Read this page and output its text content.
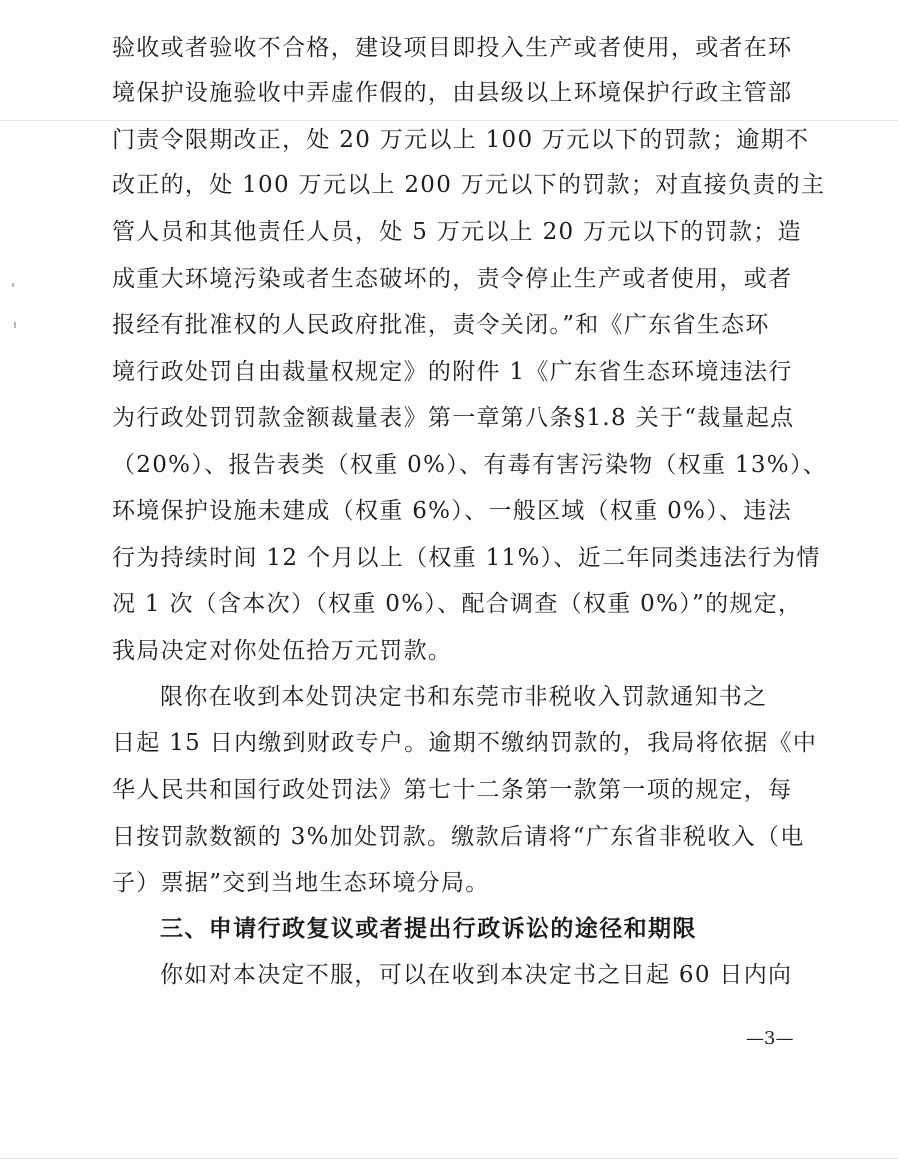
验收或者验收不合格，建设项目即投入生产或者使用，或者在环
境保护设施验收中弄虚作假的，由县级以上环境保护行政主管部
门责令限期改正，处 20 万元以上 100 万元以下的罚款；逾期不
改正的，处 100 万元以上 200 万元以下的罚款；对直接负责的主
管人员和其他责任人员，处 5 万元以上 20 万元以下的罚款；造
成重大环境污染或者生态破坏的，责令停止生产或者使用，或者
报经有批准权的人民政府批准，责令关闭。”和《广东省生态环
境行政处罚自由裁量权规定》的附件 1《广东省生态环境违法行
为行政处罚罚款金额裁量表》第一章第八条§1.8 关于“裁量起点
（20%）、报告表类（权重 0%）、有毒有害污染物（权重 13%）、
环境保护设施未建成（权重 6%）、一般区域（权重 0%）、违法
行为持续时间 12 个月以上（权重 11%）、近二年同类违法行为情
况 1 次（含本次）（权重 0%）、配合调查（权重 0%）”的规定，
我局决定对你处伍拾万元罚款。
限你在收到本处罚决定书和东莞市非税收入罚款通知书之
日起 15 日内缴到财政专户。逾期不缴纳罚款的，我局将依据《中
华人民共和国行政处罚法》第七十二条第一款第一项的规定，每
日按罚款数额的 3%加处罚款。缴款后请将“广东省非税收入（电
子）票据”交到当地生态环境分局。
三、申请行政复议或者提出行政诉讼的途径和期限
你如对本决定不服，可以在收到本决定书之日起 60 日内向
—3—
